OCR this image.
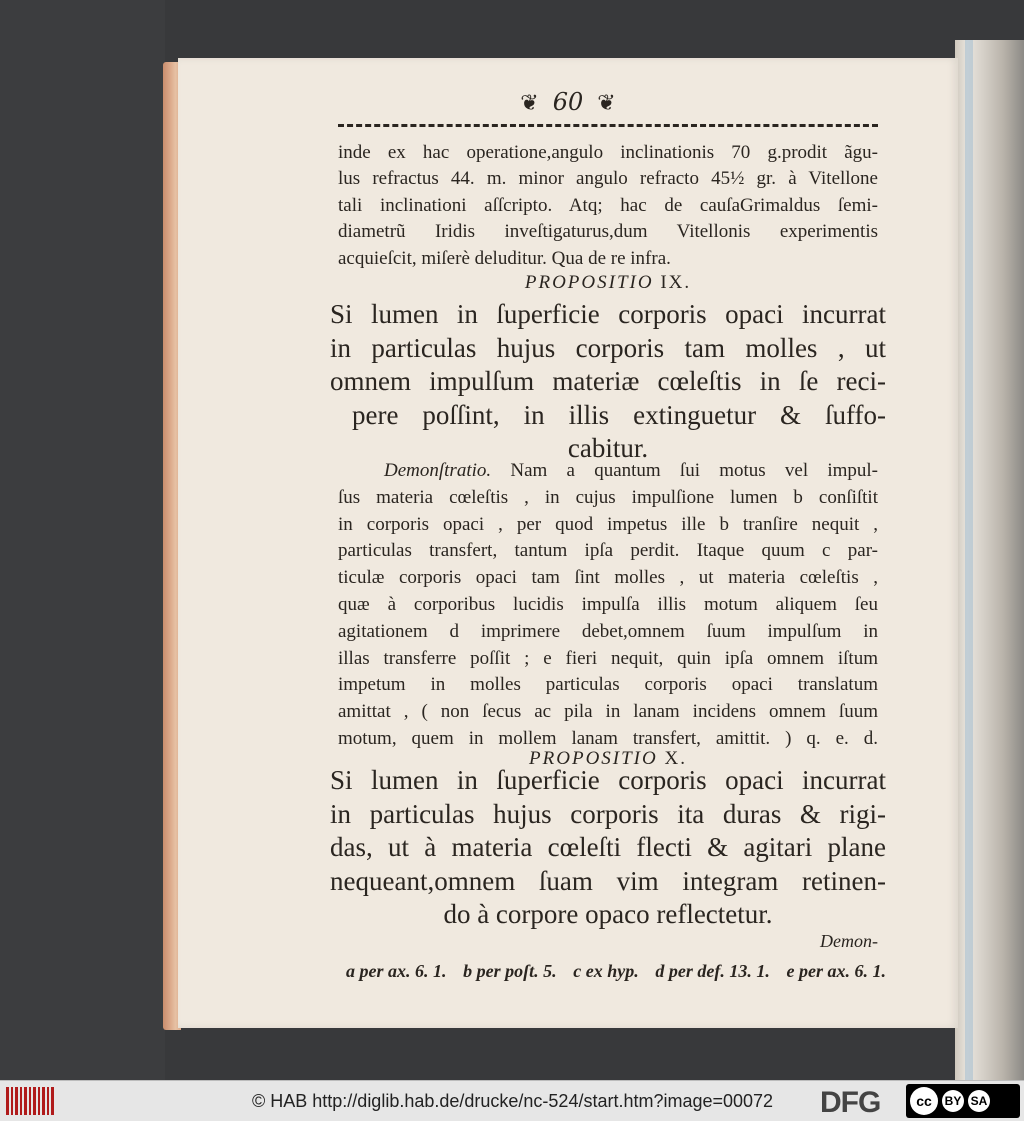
❦ 60 ❦
inde ex hac operatione,angulo inclinationis 70 g.prodit ãgu-
lus refractus 44. m. minor angulo refracto 45½ gr. à Vitellone
tali inclinationi aſſcripto. Atq; hac de cauſaGrimaldus ſemi-
diametrũ Iridis inveſtigaturus,dum Vitellonis experimentis
acquieſcit, miſerè deluditur. Qua de re infra.
PROPOSITIO IX.
Si lumen in ſuperficie corporis opaci incurrat
in particulas hujus corporis tam molles , ut
omnem impulſum materiæ cœleſtis in ſe reci-
pere poſſint, in illis extinguetur & ſuffo-
cabitur.
Demonſtratio. Nam a quantum ſui motus vel impul-
ſus materia cœleſtis , in cujus impulſione lumen b conſiſtit
in corporis opaci , per quod impetus ille b tranſire nequit ,
particulas transfert, tantum ipſa perdit. Itaque quum c par-
ticulæ corporis opaci tam ſint molles , ut materia cœleſtis ,
quæ à corporibus lucidis impulſa illis motum aliquem ſeu
agitationem d imprimere debet,omnem ſuum impulſum in
illas transferre poſſit ; e fieri nequit, quin ipſa omnem iſtum
impetum in molles particulas corporis opaci translatum
amittat , ( non ſecus ac pila in lanam incidens omnem ſuum
motum, quem in mollem lanam transfert, amittit. ) q. e. d.
PROPOSITIO X.
Si lumen in ſuperficie corporis opaci incurrat
in particulas hujus corporis ita duras & rigi-
das, ut à materia cœleſti flecti & agitari plane
nequeant,omnem ſuam vim integram retinen-
do à corpore opaco reflectetur.
Demon-
a per ax. 6. 1. b per poſt. 5. c ex hyp. d per def. 13. 1. e per ax. 6. 1.
© HAB http://diglib.hab.de/drucke/nc-524/start.htm?image=00072 DFG	cc	BY SA
